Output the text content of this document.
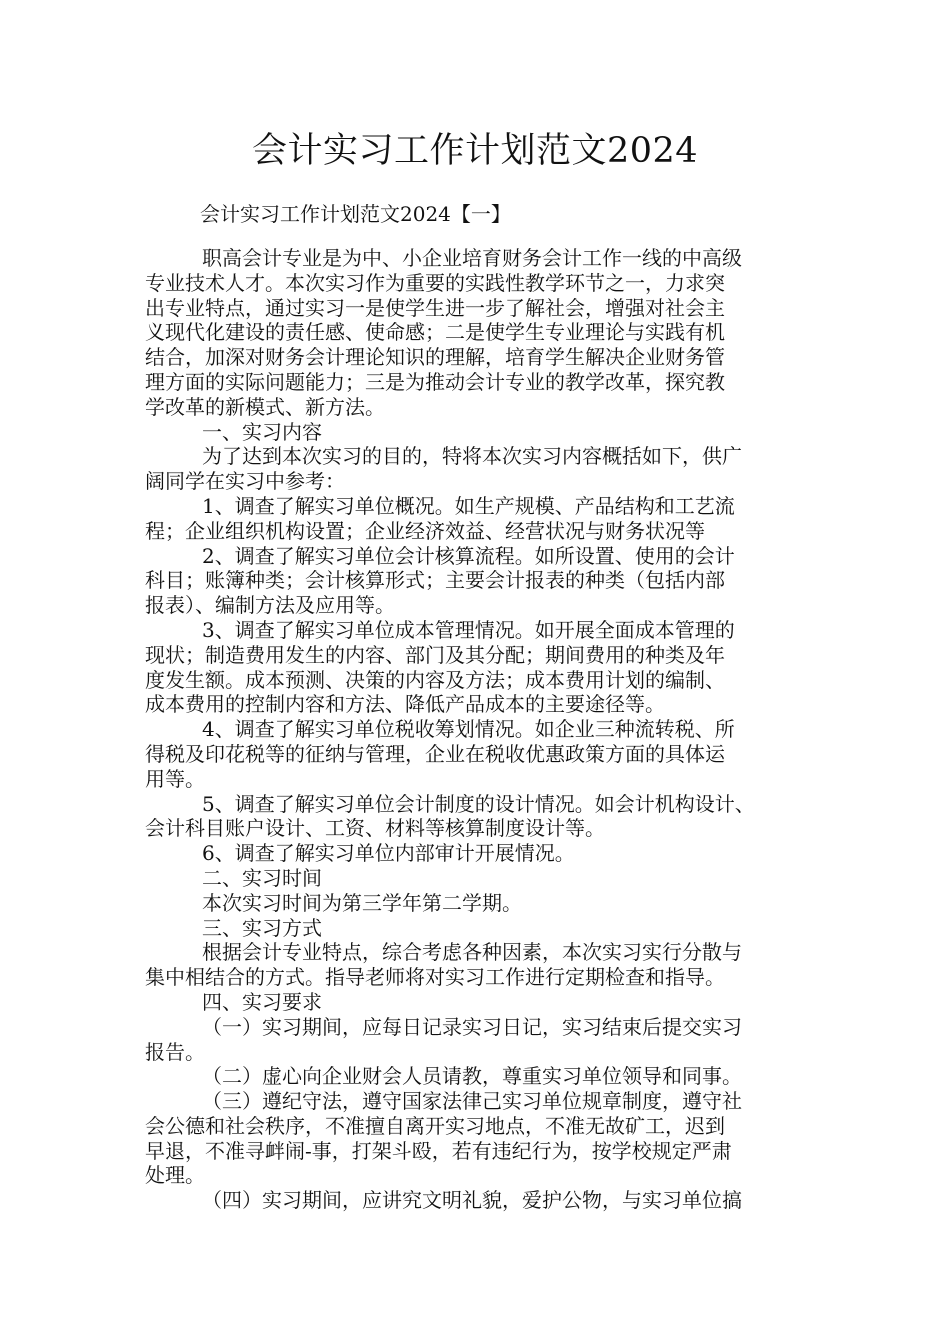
会计实习工作计划范文2024
会计实习工作计划范文2024【一】
职高会计专业是为中、小企业培育财务会计工作一线的中高级
专业技术人才。本次实习作为重要的实践性教学环节之一，力求突
出专业特点，通过实习一是使学生进一步了解社会，增强对社会主
义现代化建设的责任感、使命感；二是使学生专业理论与实践有机
结合，加深对财务会计理论知识的理解，培育学生解决企业财务管
理方面的实际问题能力；三是为推动会计专业的教学改革，探究教
学改革的新模式、新方法。
一、实习内容
为了达到本次实习的目的，特将本次实习内容概括如下，供广
阔同学在实习中参考：
1、调查了解实习单位概况。如生产规模、产品结构和工艺流
程；企业组织机构设置；企业经济效益、经营状况与财务状况等
2、调查了解实习单位会计核算流程。如所设置、使用的会计
科目；账簿种类；会计核算形式；主要会计报表的种类（包括内部
报表）、编制方法及应用等。
3、调查了解实习单位成本管理情况。如开展全面成本管理的
现状；制造费用发生的内容、部门及其分配；期间费用的种类及年
度发生额。成本预测、决策的内容及方法；成本费用计划的编制、
成本费用的控制内容和方法、降低产品成本的主要途径等。
4、调查了解实习单位税收筹划情况。如企业三种流转税、所
得税及印花税等的征纳与管理，企业在税收优惠政策方面的具体运
用等。
5、调查了解实习单位会计制度的设计情况。如会计机构设计、
会计科目账户设计、工资、材料等核算制度设计等。
6、调查了解实习单位内部审计开展情况。
二、实习时间
本次实习时间为第三学年第二学期。
三、实习方式
根据会计专业特点，综合考虑各种因素，本次实习实行分散与
集中相结合的方式。指导老师将对实习工作进行定期检查和指导。
四、实习要求
（一）实习期间，应每日记录实习日记，实习结束后提交实习
报告。
（二）虚心向企业财会人员请教，尊重实习单位领导和同事。
（三）遵纪守法，遵守国家法律己实习单位规章制度，遵守社
会公德和社会秩序，不准擅自离开实习地点，不准无故矿工，迟到
早退，不准寻衅闹-事，打架斗殴，若有违纪行为，按学校规定严肃
处理。
（四）实习期间，应讲究文明礼貌，爱护公物，与实习单位搞
